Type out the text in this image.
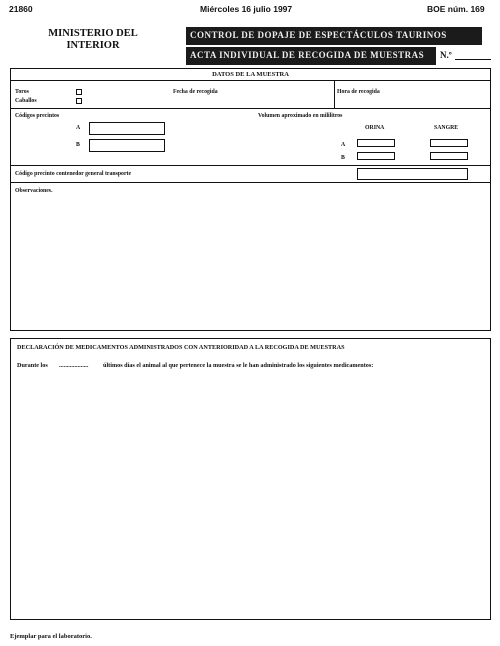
21860	Miércoles 16 julio 1997	BOE núm. 169
MINISTERIO DEL INTERIOR
CONTROL DE DOPAJE DE ESPECTÁCULOS TAURINOS
ACTA INDIVIDUAL DE RECOGIDA DE MUESTRAS	N.º
DATOS DE LA MUESTRA
Toros
Caballos
Fecha de recogida	Hora de recogida
Códigos precintos
A
B
Volumen aproximado en mililitros
ORINA	SANGRE
A
B
Código precinto contenedor general transporte
Observaciones.
DECLARACIÓN DE MEDICAMENTOS ADMINISTRADOS CON ANTERIORIDAD A LA RECOGIDA DE MUESTRAS
Durante los ................... últimos días el animal al que pertenece la muestra se le han administrado los siguientes medicamentos:
Ejemplar para el laboratorio.
